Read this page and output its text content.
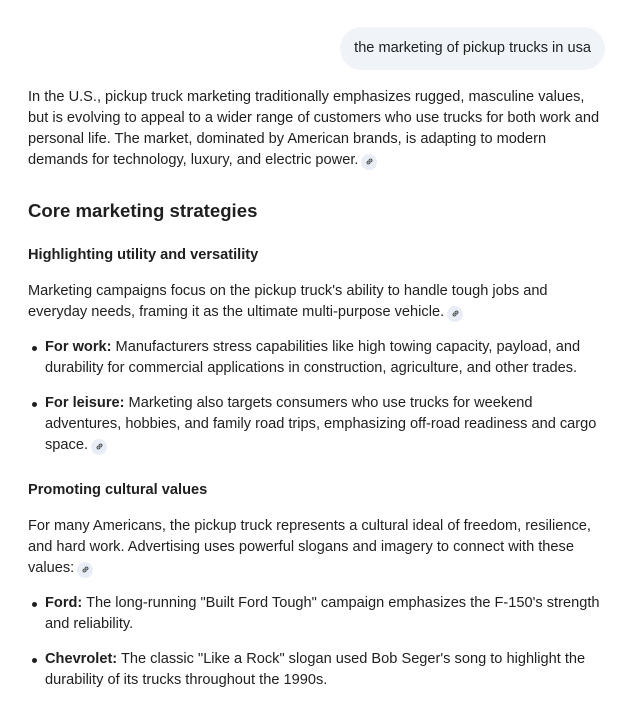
the marketing of pickup trucks in usa

In the U.S., pickup truck marketing traditionally emphasizes rugged, masculine values, but is evolving to appeal to a wider range of customers who use trucks for both work and personal life. The market, dominated by American brands, is adapting to modern demands for technology, luxury, and electric power.

Core marketing strategies
Highlighting utility and versatility

Marketing campaigns focus on the pickup truck's ability to handle tough jobs and everyday needs, framing it as the ultimate multi-purpose vehicle.

For work: Manufacturers stress capabilities like high towing capacity, payload, and durability for commercial applications in construction, agriculture, and other trades.
For leisure: Marketing also targets consumers who use trucks for weekend adventures, hobbies, and family road trips, emphasizing off-road readiness and cargo space.
Promoting cultural values

For many Americans, the pickup truck represents a cultural ideal of freedom, resilience, and hard work. Advertising uses powerful slogans and imagery to connect with these values:

Ford: The long-running "Built Ford Tough" campaign emphasizes the F-150's strength and reliability.
Chevrolet: The classic "Like a Rock" slogan used Bob Seger's song to highlight the durability of its trucks throughout the 1990s.
